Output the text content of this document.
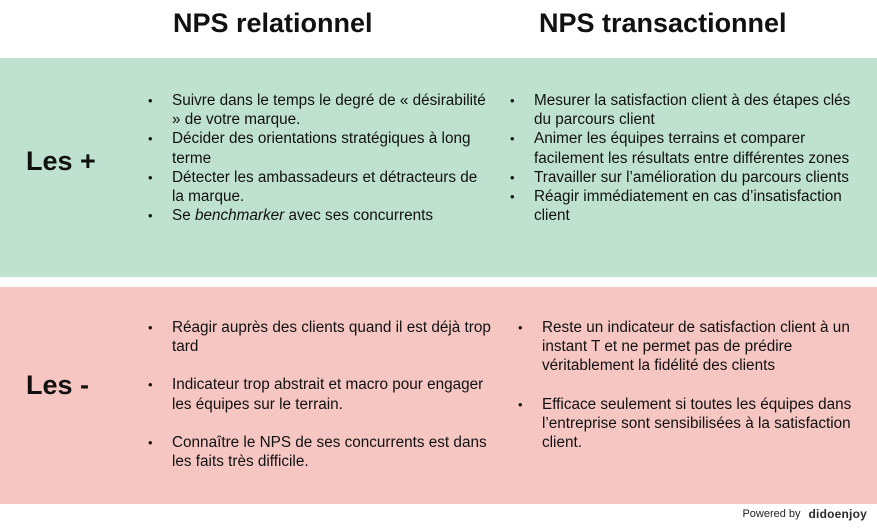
NPS relationnel	NPS transactionnel
Les +
Les -
• Suivre dans le temps le degré de « désirabilité » de votre marque.
• Décider des orientations stratégiques à long terme
• Détecter les ambassadeurs et détracteurs de la marque.
• Se benchmarker avec ses concurrents
• Mesurer la satisfaction client à des étapes clés du parcours client
• Animer les équipes terrains et comparer facilement les résultats entre différentes zones
• Travailler sur l’amélioration du parcours clients
• Réagir immédiatement en cas d’insatisfaction client
• Réagir auprès des clients quand il est déjà trop tard
• Indicateur trop abstrait et macro pour engager les équipes sur le terrain.
• Connaître le NPS de ses concurrents est dans les faits très difficile.
• Reste un indicateur de satisfaction client à un instant T et ne permet pas de prédire véritablement la fidélité des clients
• Efficace seulement si toutes les équipes dans l’entreprise sont sensibilisées à la satisfaction client.
Powered by didoenjoy
